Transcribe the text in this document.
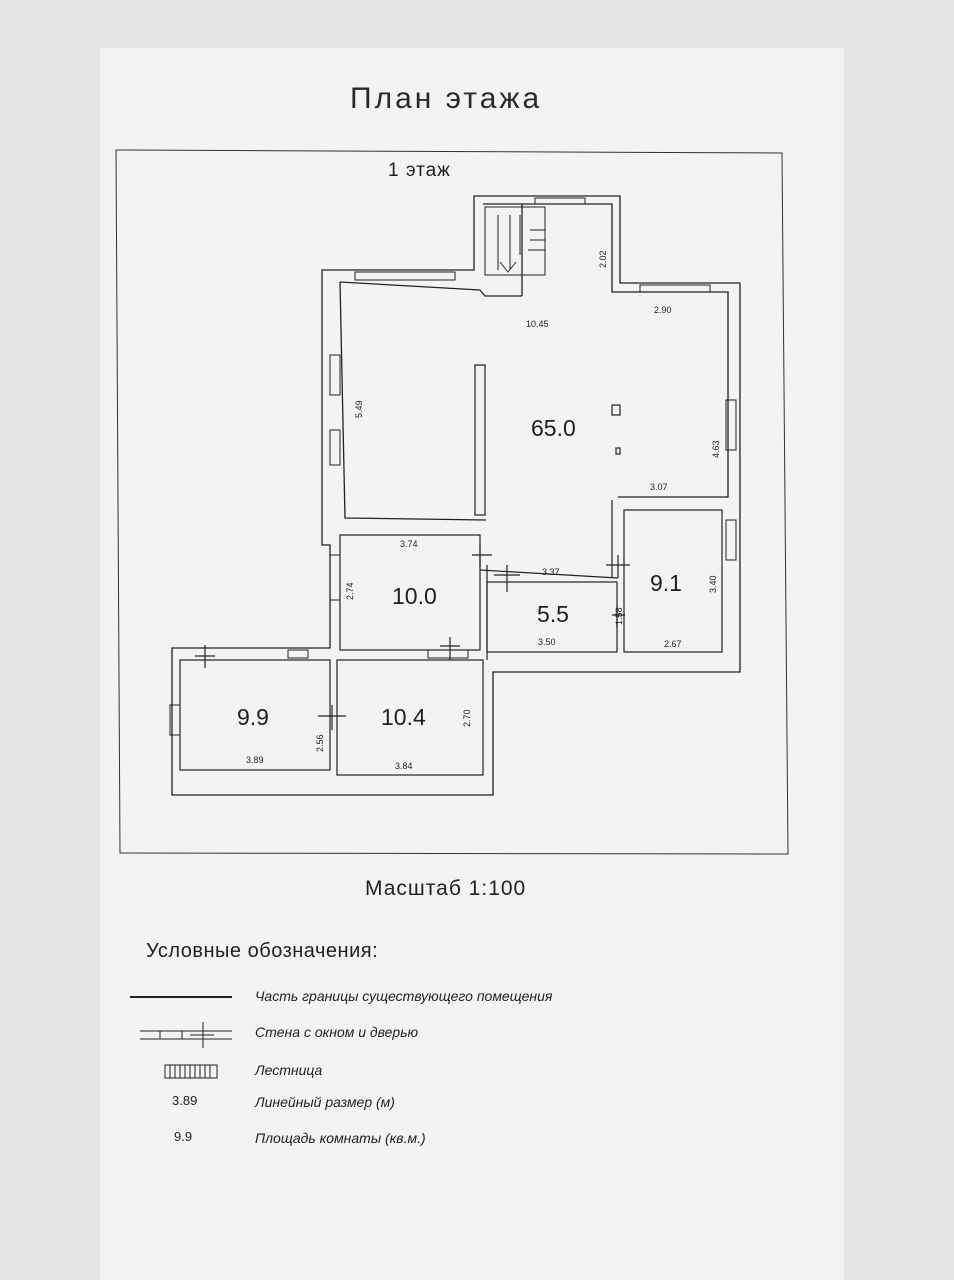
План этажа
1 этаж
65.0
10.0
5.5
9.1
9.9	10.4
2.02
10.45
2.90
5.49
4.63
3.07
3.74
3.37
2.74	3.40
1.58
3.50	2.67
2.70
2.56
3.89
3.84
Масштаб 1:100
Условные обозначения:
Часть границы существующего помещения
Стена с окном и дверью
Лестница
3.89	Линейный размер (м)
9.9	Площадь комнаты (кв.м.)
